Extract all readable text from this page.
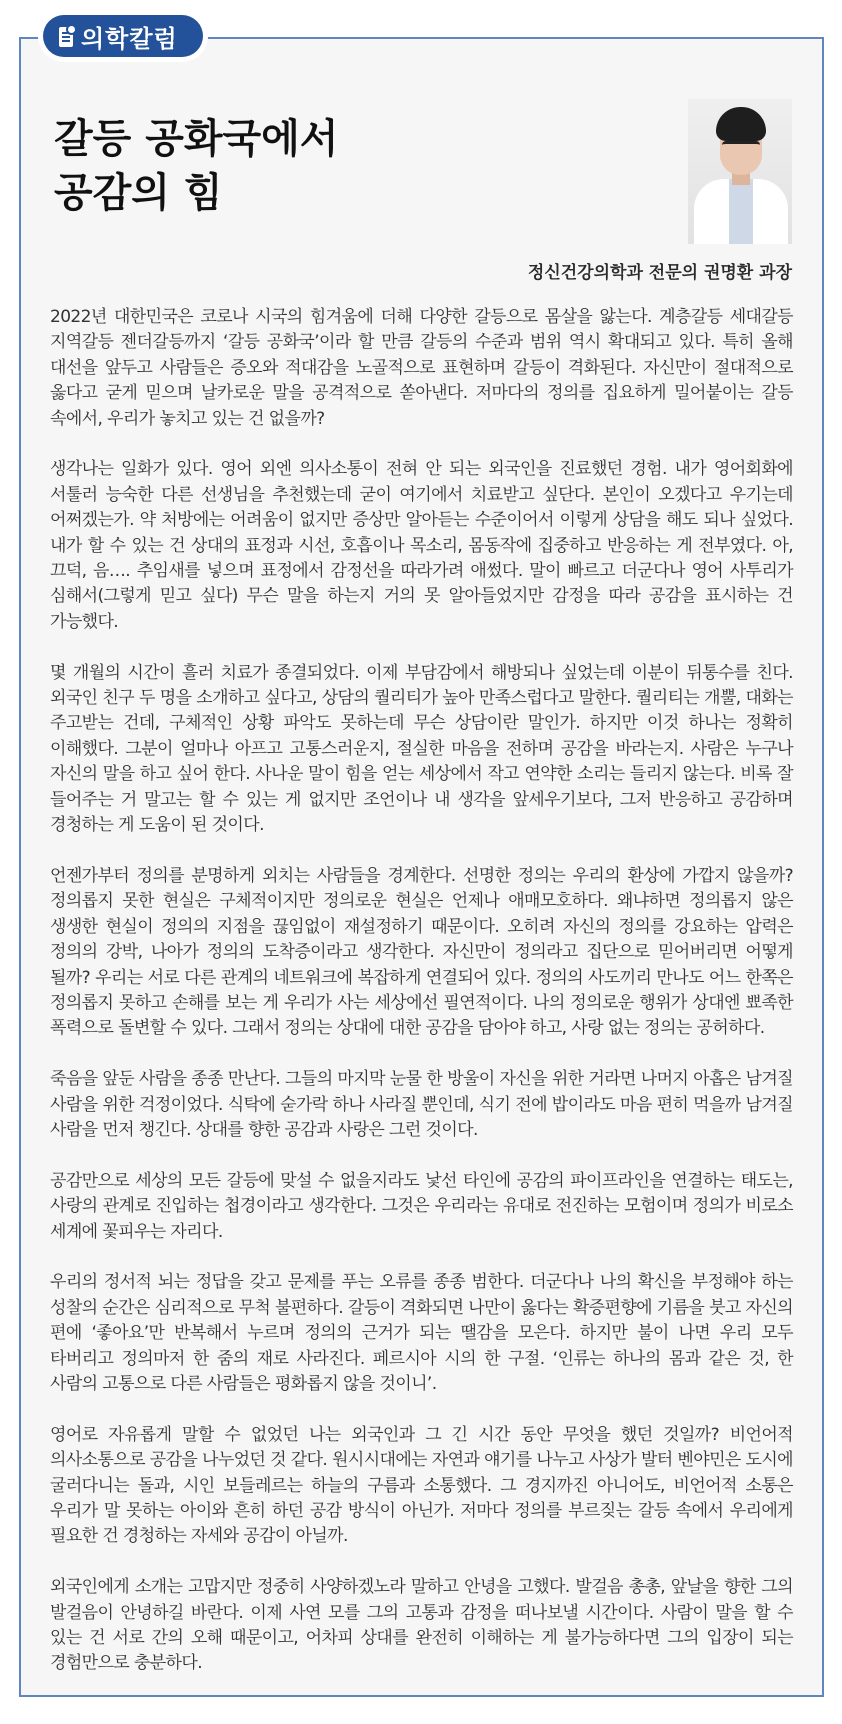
의학칼럼
갈등 공화국에서
공감의 힘

정신건강의학과 전문의 권명환 과장

2022년 대한민국은 코로나 시국의 힘겨움에 더해 다양한 갈등으로 몸살을 앓는다. 계층갈등 세대갈등 지역갈등 젠더갈등까지 ‘갈등 공화국’이라 할 만큼 갈등의 수준과 범위 역시 확대되고 있다. 특히 올해 대선을 앞두고 사람들은 증오와 적대감을 노골적으로 표현하며 갈등이 격화된다. 자신만이 절대적으로 옳다고 굳게 믿으며 날카로운 말을 공격적으로 쏟아낸다. 저마다의 정의를 집요하게 밀어붙이는 갈등 속에서, 우리가 놓치고 있는 건 없을까?

생각나는 일화가 있다. 영어 외엔 의사소통이 전혀 안 되는 외국인을 진료했던 경험. 내가 영어회화에 서툴러 능숙한 다른 선생님을 추천했는데 굳이 여기에서 치료받고 싶단다. 본인이 오겠다고 우기는데 어쩌겠는가. 약 처방에는 어려움이 없지만 증상만 알아듣는 수준이어서 이렇게 상담을 해도 되나 싶었다. 내가 할 수 있는 건 상대의 표정과 시선, 호흡이나 목소리, 몸동작에 집중하고 반응하는 게 전부였다. 아, 끄덕, 음…. 추임새를 넣으며 표정에서 감정선을 따라가려 애썼다. 말이 빠르고 더군다나 영어 사투리가 심해서(그렇게 믿고 싶다) 무슨 말을 하는지 거의 못 알아들었지만 감정을 따라 공감을 표시하는 건 가능했다.

몇 개월의 시간이 흘러 치료가 종결되었다. 이제 부담감에서 해방되나 싶었는데 이분이 뒤통수를 친다. 외국인 친구 두 명을 소개하고 싶다고, 상담의 퀄리티가 높아 만족스럽다고 말한다. 퀄리티는 개뿔, 대화는 주고받는 건데, 구체적인 상황 파악도 못하는데 무슨 상담이란 말인가. 하지만 이것 하나는 정확히 이해했다. 그분이 얼마나 아프고 고통스러운지, 절실한 마음을 전하며 공감을 바라는지. 사람은 누구나 자신의 말을 하고 싶어 한다. 사나운 말이 힘을 얻는 세상에서 작고 연약한 소리는 들리지 않는다. 비록 잘 들어주는 거 말고는 할 수 있는 게 없지만 조언이나 내 생각을 앞세우기보다, 그저 반응하고 공감하며 경청하는 게 도움이 된 것이다.

언젠가부터 정의를 분명하게 외치는 사람들을 경계한다. 선명한 정의는 우리의 환상에 가깝지 않을까? 정의롭지 못한 현실은 구체적이지만 정의로운 현실은 언제나 애매모호하다. 왜냐하면 정의롭지 않은 생생한 현실이 정의의 지점을 끊임없이 재설정하기 때문이다. 오히려 자신의 정의를 강요하는 압력은 정의의 강박, 나아가 정의의 도착증이라고 생각한다. 자신만이 정의라고 집단으로 믿어버리면 어떻게 될까? 우리는 서로 다른 관계의 네트워크에 복잡하게 연결되어 있다. 정의의 사도끼리 만나도 어느 한쪽은 정의롭지 못하고 손해를 보는 게 우리가 사는 세상에선 필연적이다. 나의 정의로운 행위가 상대엔 뾰족한 폭력으로 돌변할 수 있다. 그래서 정의는 상대에 대한 공감을 담아야 하고, 사랑 없는 정의는 공허하다.

죽음을 앞둔 사람을 종종 만난다. 그들의 마지막 눈물 한 방울이 자신을 위한 거라면 나머지 아홉은 남겨질 사람을 위한 걱정이었다. 식탁에 숟가락 하나 사라질 뿐인데, 식기 전에 밥이라도 마음 편히 먹을까 남겨질 사람을 먼저 챙긴다. 상대를 향한 공감과 사랑은 그런 것이다.

공감만으로 세상의 모든 갈등에 맞설 수 없을지라도 낯선 타인에 공감의 파이프라인을 연결하는 태도는, 사랑의 관계로 진입하는 첩경이라고 생각한다. 그것은 우리라는 유대로 전진하는 모험이며 정의가 비로소 세계에 꽃피우는 자리다.

우리의 정서적 뇌는 정답을 갖고 문제를 푸는 오류를 종종 범한다. 더군다나 나의 확신을 부정해야 하는 성찰의 순간은 심리적으로 무척 불편하다. 갈등이 격화되면 나만이 옳다는 확증편향에 기름을 붓고 자신의 편에 ‘좋아요’만 반복해서 누르며 정의의 근거가 되는 땔감을 모은다. 하지만 불이 나면 우리 모두 타버리고 정의마저 한 줌의 재로 사라진다. 페르시아 시의 한 구절. ‘인류는 하나의 몸과 같은 것, 한 사람의 고통으로 다른 사람들은 평화롭지 않을 것이니’.

영어로 자유롭게 말할 수 없었던 나는 외국인과 그 긴 시간 동안 무엇을 했던 것일까? 비언어적 의사소통으로 공감을 나누었던 것 같다. 원시시대에는 자연과 얘기를 나누고 사상가 발터 벤야민은 도시에 굴러다니는 돌과, 시인 보들레르는 하늘의 구름과 소통했다. 그 경지까진 아니어도, 비언어적 소통은 우리가 말 못하는 아이와 흔히 하던 공감 방식이 아닌가. 저마다 정의를 부르짖는 갈등 속에서 우리에게 필요한 건 경청하는 자세와 공감이 아닐까.

외국인에게 소개는 고맙지만 정중히 사양하겠노라 말하고 안녕을 고했다. 발걸음 총총, 앞날을 향한 그의 발걸음이 안녕하길 바란다. 이제 사연 모를 그의 고통과 감정을 떠나보낼 시간이다. 사람이 말을 할 수 있는 건 서로 간의 오해 때문이고, 어차피 상대를 완전히 이해하는 게 불가능하다면 그의 입장이 되는 경험만으로 충분하다.
